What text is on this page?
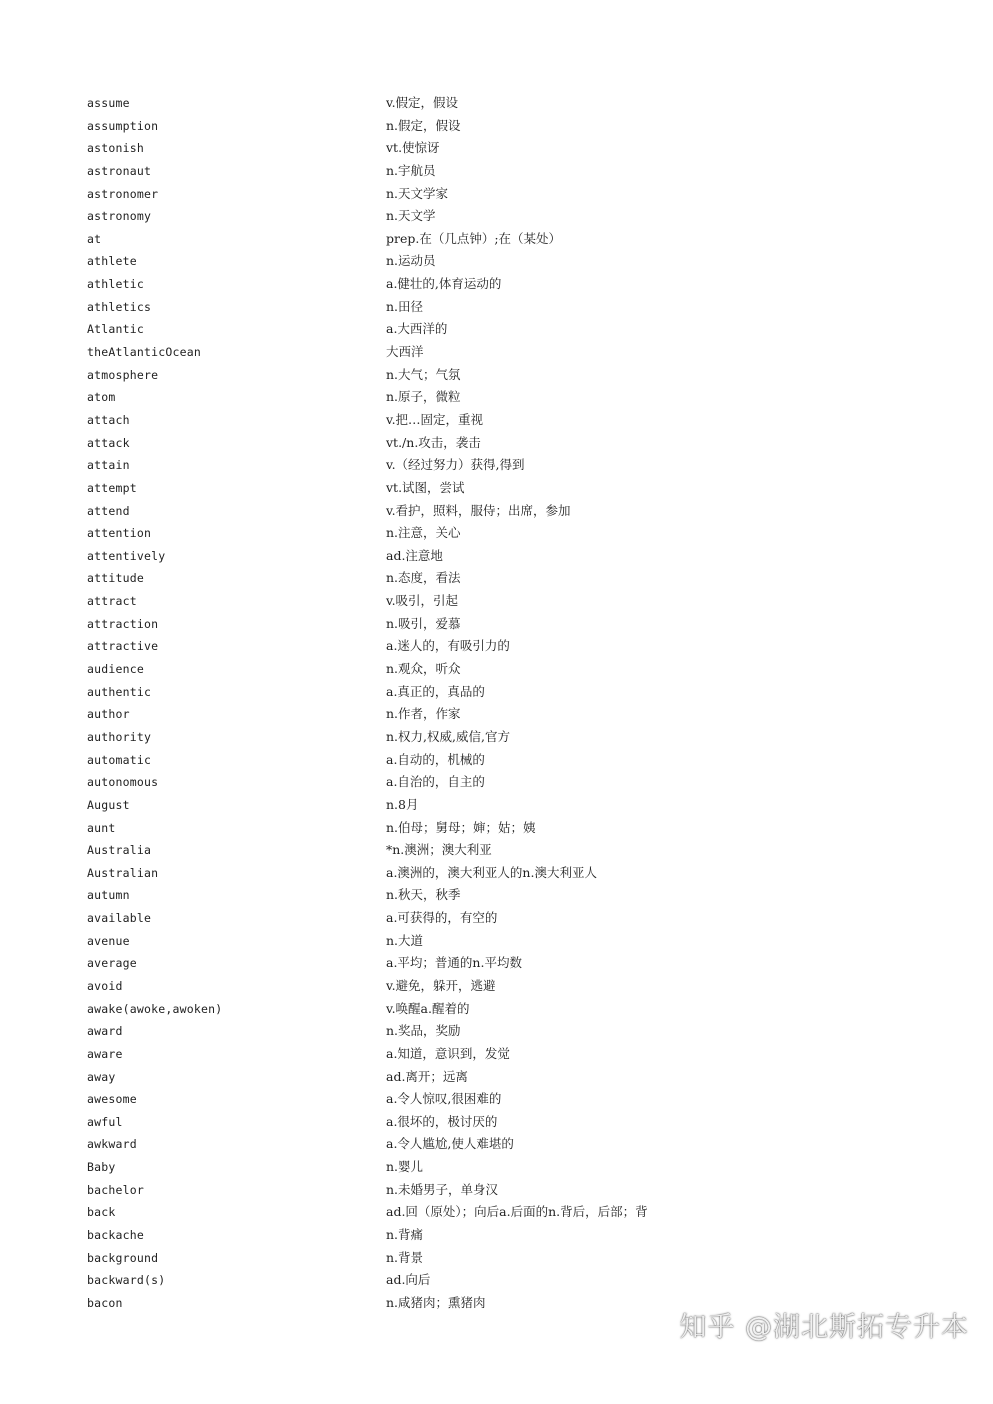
assume	v.假定，假设
assumption	n.假定，假设
astonish	vt.使惊讶
astronaut	n.宇航员
astronomer	n.天文学家
astronomy	n.天文学
at	prep.在（几点钟）;在（某处）
athlete	n.运动员
athletic	a.健壮的,体育运动的
athletics	n.田径
Atlantic	a.大西洋的
theAtlanticOcean	大西洋
atmosphere	n.大气；气氛
atom	n.原子，微粒
attach	v.把…固定，重视
attack	vt./n.攻击，袭击
attain	v.（经过努力）获得,得到
attempt	vt.试图，尝试
attend	v.看护，照料，服侍；出席，参加
attention	n.注意，关心
attentively	ad.注意地
attitude	n.态度，看法
attract	v.吸引，引起
attraction	n.吸引，爱慕
attractive	a.迷人的，有吸引力的
audience	n.观众，听众
authentic	a.真正的，真品的
author	n.作者，作家
authority	n.权力,权威,威信,官方
automatic	a.自动的，机械的
autonomous	a.自治的，自主的
August	n.8月
aunt	n.伯母；舅母；婶；姑；姨
Australia	*n.澳洲；澳大利亚
Australian	a.澳洲的，澳大利亚人的n.澳大利亚人
autumn	n.秋天，秋季
available	a.可获得的，有空的
avenue	n.大道
average	a.平均；普通的n.平均数
avoid	v.避免，躲开，逃避
awake(awoke,awoken)	v.唤醒a.醒着的
award	n.奖品，奖励
aware	a.知道，意识到，发觉
away	ad.离开；远离
awesome	a.令人惊叹,很困难的
awful	a.很坏的，极讨厌的
awkward	a.令人尴尬,使人难堪的
Baby	n.婴儿
bachelor	n.未婚男子，单身汉
back	ad.回（原处）；向后a.后面的n.背后，后部；背
backache	n.背痛
background	n.背景
backward(s)	ad.向后
bacon	n.咸猪肉；熏猪肉
知乎 @湖北斯拓专升本
